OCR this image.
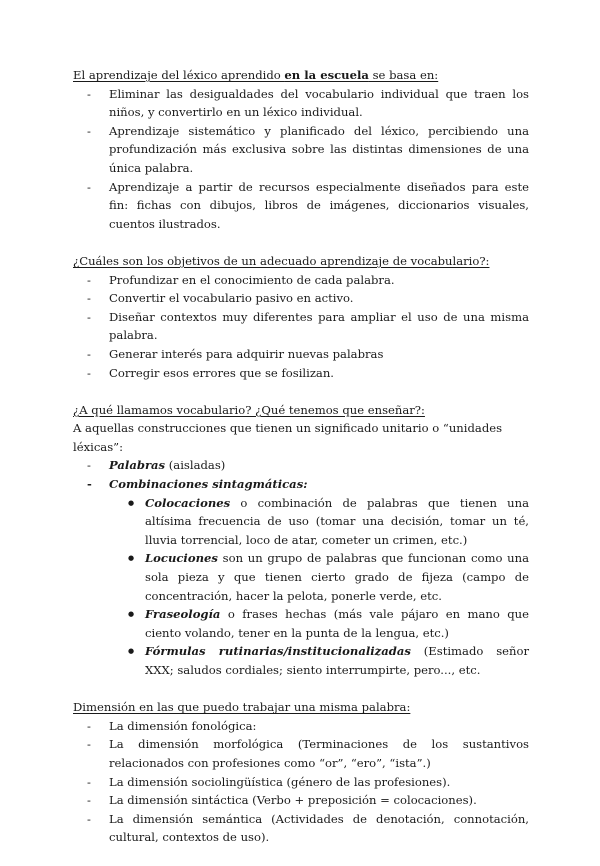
El aprendizaje del léxico aprendido en la escuela se basa en:

- Eliminar las desigualdades del vocabulario individual que traen los niños, y convertirlo en un léxico individual.
- Aprendizaje sistemático y planificado del léxico, percibiendo una profundización más exclusiva sobre las distintas dimensiones de una única palabra.
- Aprendizaje a partir de recursos especialmente diseñados para este fin: fichas con dibujos, libros de imágenes, diccionarios visuales, cuentos ilustrados.

¿Cuáles son los objetivos de un adecuado aprendizaje de vocabulario?:

- Profundizar en el conocimiento de cada palabra.
- Convertir el vocabulario pasivo en activo.
- Diseñar contextos muy diferentes para ampliar el uso de una misma palabra.
- Generar interés para adquirir nuevas palabras
- Corregir esos errores que se fosilizan.

¿A qué llamamos vocabulario? ¿Qué tenemos que enseñar?:

A aquellas construcciones que tienen un significado unitario o “unidades léxicas”:

- Palabras (aisladas)
- Combinaciones sintagmáticas:
● Colocaciones o combinación de palabras que tienen una altísima frecuencia de uso (tomar una decisión, tomar un té, lluvia torrencial, loco de atar, cometer un crimen, etc.)
● Locuciones son un grupo de palabras que funcionan como una sola pieza y que tienen cierto grado de fijeza (campo de concentración, hacer la pelota, ponerle verde, etc.
● Fraseología o frases hechas (más vale pájaro en mano que ciento volando, tener en la punta de la lengua, etc.)
● Fórmulas rutinarias/institucionalizadas (Estimado señor XXX; saludos cordiales; siento interrumpirte, pero..., etc.

Dimensión en las que puedo trabajar una misma palabra:

- La dimensión fonológica:
- La dimensión morfológica (Terminaciones de los sustantivos relacionados con profesiones como “or”, “ero”, “ista”.)
- La dimensión sociolingüística (género de las profesiones).
- La dimensión sintáctica (Verbo + preposición = colocaciones).
- La dimensión semántica (Actividades de denotación, connotación, cultural, contextos de uso).
